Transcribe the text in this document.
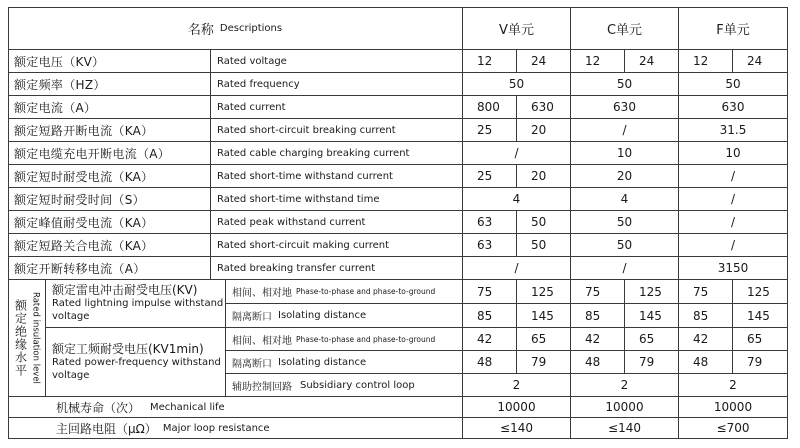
名称 Descriptions	V单元	C单元	F单元
额定电压（KV）	Rated voltage	12	24	12	24	12	24
额定频率（HZ）	Rated frequency	50	50	50
额定电流（A）	Rated current	800	630	630	630
额定短路开断电流（KA）	Rated short-circuit breaking current	25	20	/	31.5
额定电缆充电开断电流（A）	Rated cable charging breaking current	/	10	10
额定短时耐受电流（KA）	Rated short-time withstand current	25	20	20	/
额定短时耐受时间（S）	Rated short-time withstand time	4	4	/
额定峰值耐受电流（KA）	Rated peak withstand current	63	50	50	/
额定短路关合电流（KA）	Rated short-circuit making current	63	50	50	/
额定开断转移电流（A）	Rated breaking transfer current	/	/	3150
额定绝缘水平 Rated insulation level
额定雷电冲击耐受电压(KV)
Rated lightning impulse withstand voltage
相间、相对地 Phase-to-phase and phase-to-ground	75	125	75	125	75	125
隔离断口 Isolating distance	85	145	85	145	85	145
额定工频耐受电压(KV1min)
Rated power-frequency withstand voltage
相间、相对地 Phase-to-phase and phase-to-ground	42	65	42	65	42	65
隔离断口 Isolating distance	48	79	48	79	48	79
辅助控制回路 Subsidiary control loop	2	2	2
机械寿命（次） Mechanical life	10000	10000	10000
主回路电阻（μΩ） Major loop resistance	≤140	≤140	≤700
